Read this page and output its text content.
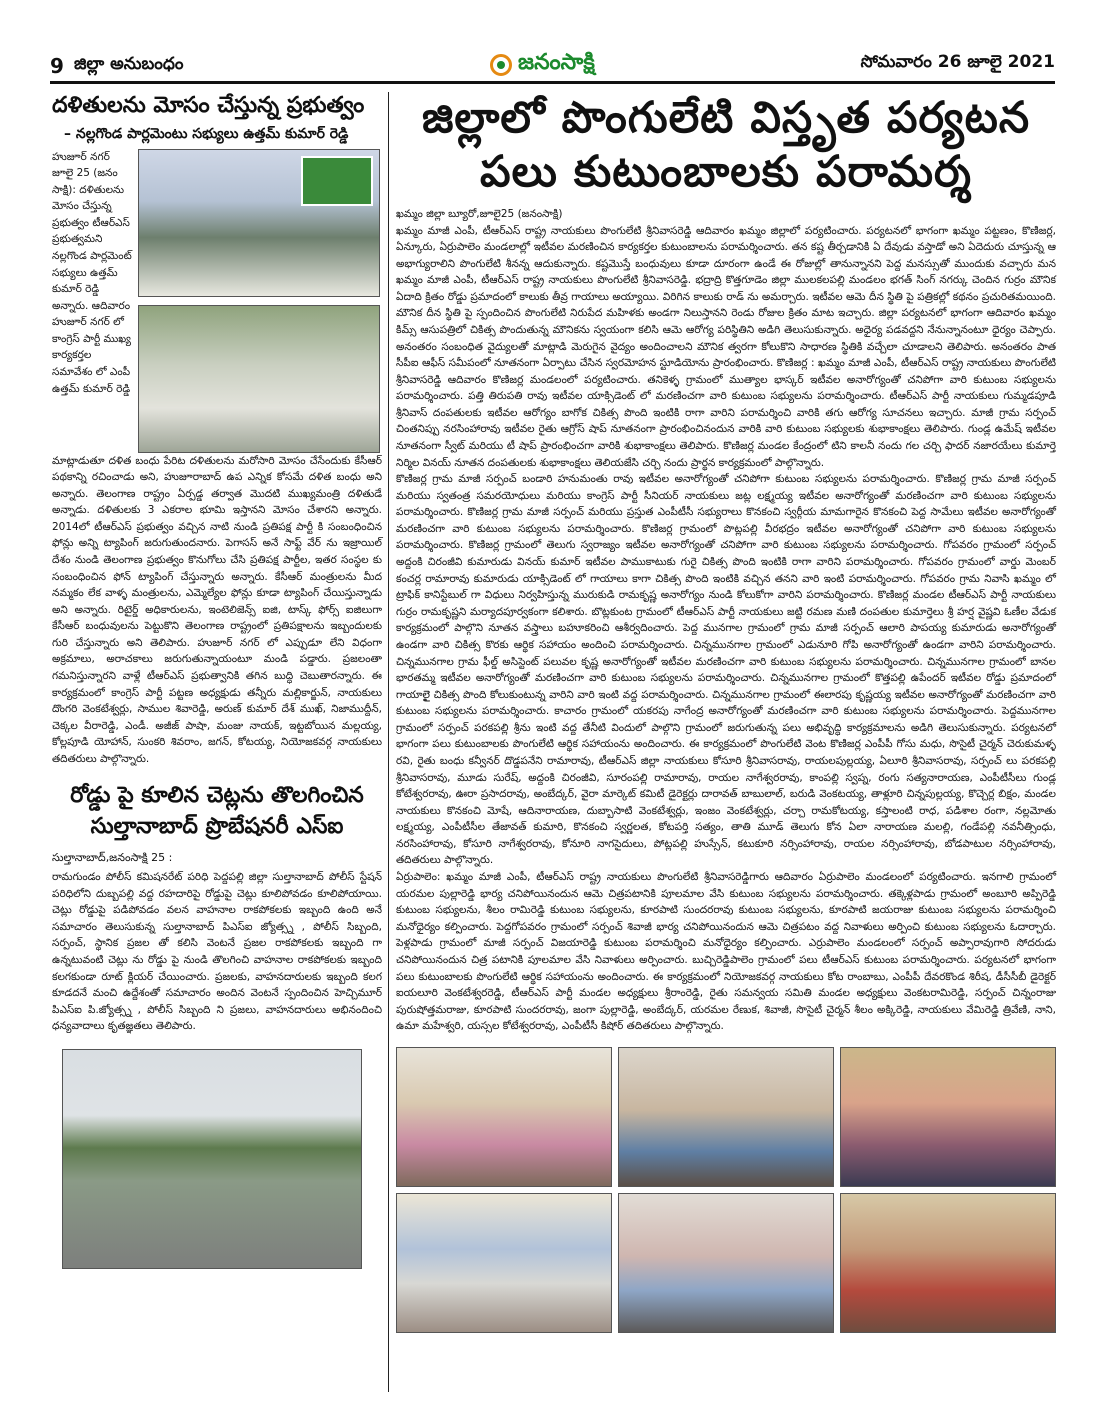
9 జిల్లా అనుబంధం	జనంసాక్షి	సోమవారం 26 జూలై 2021
దళితులను మోసం చేస్తున్న ప్రభుత్వం
– నల్లగొండ పార్లమెంటు సభ్యులు ఉత్తమ్ కుమార్ రెడ్డి
హుజూర్ నగర్ జూలై 25 (జనం సాక్షి): దళితులను మోసం చేస్తున్న ప్రభుత్వం టీఆర్ఎస్ ప్రభుత్వమని నల్లగొండ పార్లమెంట్ సభ్యులు ఉత్తమ్ కుమార్ రెడ్డి అన్నారు. ఆదివారం హుజూర్ నగర్ లో కాంగ్రెస్ పార్టీ ముఖ్య కార్యకర్తల సమావేశం లో ఎంపీ ఉత్తమ్ కుమార్ రెడ్డి
మాట్లాడుతూ దళిత బంధు పేరిట దళితులను మరోసారి మోసం చేసేందుకు కేసీఆర్ పథకాన్ని రచించాడు అని, హుజూరాబాద్ ఉప ఎన్నిక కోసమే దళిత బంధు అని అన్నారు. తెలంగాణ రాష్ట్రం ఏర్పడ్డ తర్వాత మొదటి ముఖ్యమంత్రి దళితుడే అన్నాడు. దళితులకు 3 ఎకరాల భూమి ఇస్తానని మోసం చేశారని అన్నారు. 2014లో టీఆర్ఎస్ ప్రభుత్వం వచ్చిన నాటి నుండి ప్రతిపక్ష పార్టీ కి సంబంధించిన ఫోన్లు అన్ని ట్యాపింగ్ జరుగుతుందనారు. పెగాసస్ అనే సాఫ్ట్ వేర్ ను ఇజ్రాయిల్ దేశం నుండి తెలంగాణ ప్రభుత్వం కొనుగోలు చేసి ప్రతిపక్ష పార్టీల, ఇతర సంస్థల కు సంబంధించిన ఫోన్ ట్యాపింగ్ చేస్తున్నారు అన్నారు. కేసీఆర్ మంత్రులను మీద నమ్మకం లేక వాళ్ళ మంత్రులను, ఎమ్మెల్యేల ఫోన్లు కూడా ట్యాపింగ్ చేయిస్తున్నాడు అని అన్నారు. రిటైర్డ్ అధికారులను, ఇంటెలిజెన్స్ ఐజి, టాస్క్ ఫోర్స్ ఐజిలుగా కేసీఆర్ బంధువులను పెట్టుకొని తెలంగాణ రాష్ట్రంలో ప్రతిపక్షాలను ఇబ్బందులకు గురి చేస్తున్నారు అని తెలిపారు. హుజూర్ నగర్ లో ఎప్పుడూ లేని విధంగా అక్రమాలు, అరాచకాలు జరుగుతున్నాయంటూ మండి పడ్డారు. ప్రజలంతా గమనిస్తున్నారని వాళ్లే టీఆర్ఎస్ ప్రభుత్వానికి తగిన బుద్ధి చెబుతారన్నారు. ఈ కార్యక్రమంలో కాంగ్రెస్ పార్టీ పట్టణ అధ్యక్షుడు తన్నీరు మల్లికార్జున్, నాయకులు దొంగరి వెంకటేశ్వర్లు, సాముల శివారెడ్డి, అరుణ్ కుమార్ దేశ్ ముఖ్, నిజాముద్దీన్, చెక్కల వీరారెడ్డి, ఎండీ. అజీజ్ పాషా, మంజు నాయక్, ఇట్టబోయిన మల్లయ్య, కోల్లపూడి యోహాన్, సుంకరి శివరాం, జగన్, కోటయ్య, నియోజకవర్గ నాయకులు తదితరులు పాల్గొన్నారు.
రోడ్డు పై కూలిన చెట్లను తొలగించిన సుల్తానాబాద్ ప్రొబేషనరీ ఎస్ఐ
సుల్తానాబాద్,జనంసాక్షి 25 :
రామగుండం పోలీస్ కమిషనరేట్ పరిధి పెద్దపల్లి జిల్లా సుల్తానాబాద్ పోలీస్ స్టేషన్ పరిధిలోని దుబ్బపల్లి వద్ద రహదారిపై రోడ్డుపై చెట్లు కూలిపోవడం కూలిపోయాయి. చెట్లు రోడ్డుపై పడిపోవడం వలన వాహనాల రాకపోకలకు ఇబ్బంది ఉంది అనే సమాచారం తెలుసుకున్న సుల్తానాబాద్ పిఎస్ఐ జ్యోత్స్న , పోలీస్ సిబ్బంది, సర్పంచ్, స్థానిక ప్రజల తో కలిసి వెంటనే ప్రజల రాకపోకలకు ఇబ్బంది గా ఉన్నటువంటి చెట్లు ను రోడ్డు పై నుండి తొలగించి వాహనాల రాకపోకలకు ఇబ్బంది కలగకుండా రూట్ క్లియర్ చేయించారు. ప్రజలకు, వాహనదారులకు ఇబ్బంది కలగ కూడదనే మంచి ఉద్దేశంతో సమాచారం అందిన వెంటనే స్పందించిన హెచ్చిమూర్ పిఎస్ఐ పి.జ్యోత్స్న , పోలీస్ సిబ్బంది ని ప్రజలు, వాహనదారులు అభినందించి ధన్యవాదాలు కృతజ్ఞతలు తెలిపారు.
జిల్లాలో పొంగులేటి విస్తృత పర్యటన
పలు కుటుంబాలకు పరామర్శ
ఖమ్మం జిల్లా బ్యూరో,జూలై25 (జనంసాక్షి)
ఖమ్మం మాజీ ఎంపీ, టీఆర్ఎస్ రాష్ట్ర నాయకులు పొంగులేటి శ్రీనివాసరెడ్డి ఆదివారం ఖమ్మం జిల్లాలో పర్యటించారు. పర్యటనలో భాగంగా ఖమ్మం పట్టణం, కొణిజర్ల, ఏన్కూరు, ఏర్రుపాలెం మండలాల్లో ఇటీవల మరణించిన కార్యకర్తల కుటుంబాలను పరామర్శించారు. తన కష్ట తీర్చడానికి ఏ దేవుడు వస్తాడో అని ఏదెదురు చూస్తున్న ఆ అభాగ్యురాలిని పొంగులేటి శీనన్న ఆదుకున్నారు. కష్టమొస్తే బంధువులు కూడా దూరంగా ఉండే ఈ రోజుల్లో తానున్నానని పెద్ద మనస్సుతో ముందుకు వచ్చారు మన ఖమ్మం మాజీ ఎంపీ, టీఆర్ఎస్ రాష్ట్ర నాయకులు పొంగులేటి శ్రీనివాసరెడ్డి. భద్రాద్రి కొత్తగూడెం జిల్లా ములకలపల్లి మండలం భగత్ సింగ్ నగర్కు చెందిన గుర్రం మౌనిక ఏదాది క్రితం రోడ్డు ప్రమాదంలో కాలుకు తీవ్ర గాయాలు అయ్యాయి. విరిగిన కాలుకు రాడ్ ను అమర్చారు. ఇటీవల ఆమె దీన స్థితి పై పత్రికల్లో కథనం ప్రచురితమయింది. మౌనిక దీన స్థితి పై స్పందించిన పొంగులేటి నిరుపేద మహిళకు అండగా నిలుస్తానని రెండు రోజుల క్రితం మాట ఇచ్చారు. జిల్లా పర్యటనలో భాగంగా ఆదివారం ఖమ్మం కిమ్స్ ఆసుపత్రిలో చికిత్స పొందుతున్న మౌనికను స్వయంగా కలిసి ఆమె ఆరోగ్య పరిస్థితిని అడిగి తెలుసుకున్నారు. అధైర్య పడవద్దని నేనున్నానంటూ ధైర్యం చెప్పారు. అనంతరం సంబంధిత వైద్యులతో మాట్లాడి మెరుగైన వైద్యం అందించాలని మౌనిక త్వరగా కోలుకొని సాధారణ స్థితికి వచ్చేలా చూడాలని తెలిపారు. అనంతరం పాత సీపీఐ ఆఫీస్ సమీపంలో నూతనంగా ఏర్పాటు చేసిన స్వరమోహన స్టూడియోను ప్రారంభించారు. కొణిజర్ల : ఖమ్మం మాజీ ఎంపీ, టీఆర్ఎస్ రాష్ట్ర నాయకులు పొంగులేటి శ్రీనివాసరెడ్డి ఆదివారం కొణిజర్ల మండలంలో పర్యటించారు. తనికెళ్ళ గ్రామంలో ముత్యాల భాస్కర్ ఇటీవల అనారోగ్యంతో చనిపోగా వారి కుటుంబ సభ్యులను పరామర్శించారు. పత్తి తిరుపతి రావు ఇటీవల యాక్సిడెంట్ లో మరణించగా వారి కుటుంబ సభ్యులను పరామర్శించారు. టీఆర్ఎస్ పార్టీ నాయకులు గుమ్మడపూడి శ్రీనివాస్ దంపతులకు ఇటీవల ఆరోగ్యం బాగోక చికిత్స పొంది ఇంటికి రాగా వారిని పరామర్శించి వారికి తగు ఆరోగ్య సూచనలు ఇచ్చారు. మాజీ గ్రామ సర్పంచ్ చింతనిప్పు నరసింహారావు ఇటీవల రైతు ఆగ్రోస్ షాప్ నూతనంగా ప్రారంభించినందున వారికి వారి కుటుంబ సభ్యులకు శుభాకాంక్షలు తెలిపారు. గుండ్ల ఉమేష్ ఇటీవల నూతనంగా స్వీట్ మరియు టీ షాప్ ప్రారంభించగా వారికి శుభాకాంక్షలు తెలిపారు. కొణిజర్ల మండల కేంద్రంలో టిని కాలనీ నందు గల చర్చి ఫాదర్ నజారయేలు కుమార్తె నిర్మిల వినయ్ నూతన దంపతులకు శుభాకాంక్షలు తెలియజేసి చర్చి నందు ప్రార్థన కార్యక్రమంలో పాల్గొన్నారు.
కొణిజర్ల గ్రామ మాజీ సర్పంచ్ బండారి హనుమంతు రావు ఇటీవల అనారోగ్యంతో చనిపోగా కుటుంబ సభ్యులను పరామర్శించారు. కొణిజర్ల గ్రామ మాజీ సర్పంచ్ మరియు స్వతంత్ర సమరయోధులు మరియు కాంగ్రెస్ పార్టీ సీనియర్ నాయకులు జట్ల లక్ష్మయ్య ఇటీవల అనారోగ్యంతో మరణించగా వారి కుటుంబ సభ్యులను పరామర్శించారు. కొణిజర్ల గ్రామ మాజీ సర్పంచ్ మరియు ప్రస్తుత ఎంపీటీసీ సభ్యురాలు కొనకంచి స్వర్గీయ మామగారైన కొనకంచి పెద్ద సామేలు ఇటీవల అనారోగ్యంతో మరణించగా వారి కుటుంబ సభ్యులను పరామర్శించారు. కొణిజర్ల గ్రామంలో పొట్లపల్లి వీరభద్రం ఇటీవల అనారోగ్యంతో చనిపోగా వారి కుటుంబ సభ్యులను పరామర్శించారు. కొణిజర్ల గ్రామంలో తెలుగు స్వరాజ్యం ఇటీవల అనారోగ్యంతో చనిపోగా వారి కుటుంబ సభ్యులను పరామర్శించారు. గోపవరం గ్రామంలో సర్పంచ్ అద్దంకి చిరంజీవి కుమారుడు వినయ్ కుమార్ ఇటీవల పాముకాటుకు గురై చికిత్స పొంది ఇంటికి రాగా వారిని పరామర్శించారు. గోపవరం గ్రామంలో వార్డు మెంబర్ కంచర్ల రామారావు కుమారుడు యాక్సిడెంట్ లో గాయాలు కాగా చికిత్స పొంది ఇంటికి వచ్చిన తనని వారి ఇంటి పరామర్శించారు. గోపవరం గ్రామ నివాసి ఖమ్మం లో ట్రాఫిక్ కానిస్టేబుల్ గా విధులు నిర్వహిస్తున్న మురుకుడి రామకృష్ణ అనారోగ్యం నుండి కోలుకోగా వారిని పరామర్శించారు. కొణిజర్ల మండల టీఆర్ఎస్ పార్టీ నాయకులు గుర్రం రామకృష్ణని మర్యాదపూర్వకంగా కలిశారు. బొట్లకుంట గ్రామంలో టీఆర్ఎస్ పార్టీ నాయకులు జట్టి రమణ మణి దంపతుల కుమార్తెలు శ్రీ హర్ష వైష్ణవి ఓణీల వేడుక కార్యక్రమంలో పాల్గొని నూతన వస్త్రాలు బహూకరించి ఆశీర్వదించారు. పెద్ద మునగాల గ్రామంలో గ్రామ మాజీ సర్పంచ్ ఆలారి పాపయ్య కుమారుడు అనారోగ్యంతో ఉండగా వారి చికిత్స కొరకు ఆర్థిక సహాయం అందించి పరామర్శించారు. చిన్నమునగాల గ్రామంలో ఎడునూరి గోపి అనారోగ్యంతో ఉండగా వారిని పరామర్శించారు. చిన్నమునగాల గ్రామ ఫీల్డ్ అసిస్టెంట్ పలువల కృష్ణ అనారోగ్యంతో ఇటీవల మరణించగా వారి కుటుంబ సభ్యులను పరామర్శించారు. చిన్నమునగాల గ్రామంలో బానల భారతమ్మ ఇటీవల అనారోగ్యంతో మరణించగా వారి కుటుంబ సభ్యులను పరామర్శించారు. చిన్నమునగాల గ్రామంలో కొత్తపల్లి ఉపేందర్ ఇటీవల రోడ్డు ప్రమాదంలో గాయాలైై చికిత్స పొంది కోలుకుంటున్న వారిని వారి ఇంటి వద్ద పరామర్శించారు. చిన్నమునగాల గ్రామంలో ఈలారపు కృష్ణయ్య ఇటీవల అనారోగ్యంతో మరణించగా వారి కుటుంబ సభ్యులను పరామర్శించారు. కాచారం గ్రామంలో యకరపు నాగేంద్ర అనారోగ్యంతో మరణించగా వారి కుటుంబ సభ్యులను పరామర్శించారు. పెద్దమునగాల గ్రామంలో సర్పంచ్ పరకపల్లి శ్రీను ఇంటి వద్ద తేనీటి విందులో పాల్గొని గ్రామంలో జరుగుతున్న పలు అభివృద్ధి కార్యక్రమాలను అడిగి తెలుసుకున్నారు. పర్యటనలో భాగంగా పలు కుటుంబాలకు పొంగులేటి ఆర్థిక సహాయంను అందించారు. ఈ కార్యక్రమంలో పొంగులేటి వెంట కొణిజర్ల ఎంపీపీ గోసు మధు, సొసైటీ చైర్మన్ చెరుకుమళ్ళ రవి, రైతు బంధు కన్వీనర్ దొడ్డపనేని రామారావు, టీఆర్ఎస్ జిల్లా నాయకులు కోసూరి శ్రీనివాసరావు, రాయలపుల్లయ్య, ఏలూరి శ్రీనివాసరావు, సర్పంచ్ లు పరకపల్లి శ్రీనివాసరావు, మూడు సురేష్, అద్దంకి చిరంజీవి, సూరంపల్లి రామారావు, రాయల నాగేశ్వరరావు, కాంపల్లి స్వప్న, రంగు సత్యనారాయణ, ఎంపీటీసీలు గుండ్ల కోటేశ్వరరావు, ఊరా ప్రసాదరావు, అంబేద్కర్, వైరా మార్కెట్ కమిటీ డైరెక్టర్లు దారావత్ బాబులాల్, బరుడి వెంకటయ్య, తాళ్లూరి చిన్నపుల్లయ్య, కొచ్చెర్ల బిక్షం, మండల నాయకులు కొనకంచి మోషే, ఆదినారాయణ, దుబ్బాసాటి వెంకటేశ్వర్లు, ఇంజం వెంకటేశ్వర్లు, చర్చా రామకోటయ్య, కస్తాలంటి రాధ, పడిశాల రంగా, నల్లమోతు లక్ష్మయ్య, ఎంపీటీసీల తేజావత్ కుమారి, కొనకంచి స్వర్ణలత, కోటపర్తి సత్యం, తాతి మూడ్ తెలుగు కోన ఏలా నారాయణ మలల్లి, గండేపల్లి నవనీత్సింధు, నరసింహారావు, కోసూరి నాగేశ్వరరావు, కోనూరి నాగసైదులు, పోట్లపల్లి హుస్సేన్, కటుకూరి నర్సింహారావు, రాయల నర్సింహారావు, బోడపాటుల నర్సింహారావు, తదితరులు పాల్గొన్నారు.
ఏర్రుపాలెం: ఖమ్మం మాజీ ఎంపీ, టీఆర్ఎస్ రాష్ట్ర నాయకులు పొంగులేటి శ్రీనివాసరెడ్డిగారు ఆదివారం ఏర్రుపాలెం మండలంలో పర్యటించారు. ఇనగాలి గ్రామంలో యరమల పుల్లారెడ్డి భార్య చనిపోయినందున ఆమె చిత్రపటానికి పూలమాల వేసి కుటుంబ సభ్యులను పరామర్శించారు. తక్కెళ్లపాడు గ్రామంలో అంబూరి అప్పిరెడ్డి కుటుంబ సభ్యులను, శీలం రామిరెడ్డి కుటుంబ సభ్యులను, కూరపాటి సుందరరావు కుటుంబ సభ్యులను, కూరపాటి జయరాజు కుటుంబ సభ్యులను పరామర్శించి మనోధైర్యం కల్పించారు. పెద్దగోపవరం గ్రామంలో సర్పంచ్ శివాజీ భార్య చనిపోయినందున ఆమె చిత్రపటం వద్ద నివాళులు అర్పించి కుటుంబ సభ్యులను ఓదార్చారు. పెళ్లపాడు గ్రామంలో మాజీ సర్పంచ్ విజయారెడ్డి కుటుంబ పరామర్శించి మనోధైర్యం కల్పించారు. ఎర్రుపాలెం మండలంలో సర్పంచ్ అప్పారావుగారి సోదరుడు చనిపోయినందున చిత్ర పటానికి పూలమాల వేసి నివాళులు అర్పించారు. బుచ్చిరెడ్డిపాలెం గ్రామంలో పలు టీఆర్ఎస్ కుటుంబ పరామర్శించారు. పర్యటనలో భాగంగా పలు కుటుంబాలకు పొంగులేటి ఆర్థిక సహాయంను అందించారు. ఈ కార్యక్రమంలో నియోజకవర్గ నాయకులు కోట రాంబాబు, ఎంపీపీ దేవరకొండ శిరీష, డీసీసీబీ డైరెక్టర్ ఐయలూరి వెంకటేశ్వరరెడ్డి, టీఆర్ఎస్ పార్టీ మండల అధ్యక్షులు శ్రీరాంరెడ్డి, రైతు సమన్వయ సమితి మండల అధ్యక్షులు వెంకటరామిరెడ్డి, సర్పంచ్ చిన్నంరాజు పురుషోత్తమరాజు, కూరపాటి సుందరరావు, జంగా పుల్లారెడ్డి, అంబేద్కర్, యరమల రేణుక, శివాజీ, సొసైటీ చైర్మన్ శీలం అక్కిరెడ్డి, నాయకులు వేమిరెడ్డి త్రివేణి, నాని, ఉమా మహేశ్వరి, యస్సల కోటేశ్వరరావు, ఎంపీటీసీ కిషోర్ తదితరులు పాల్గొన్నారు.
